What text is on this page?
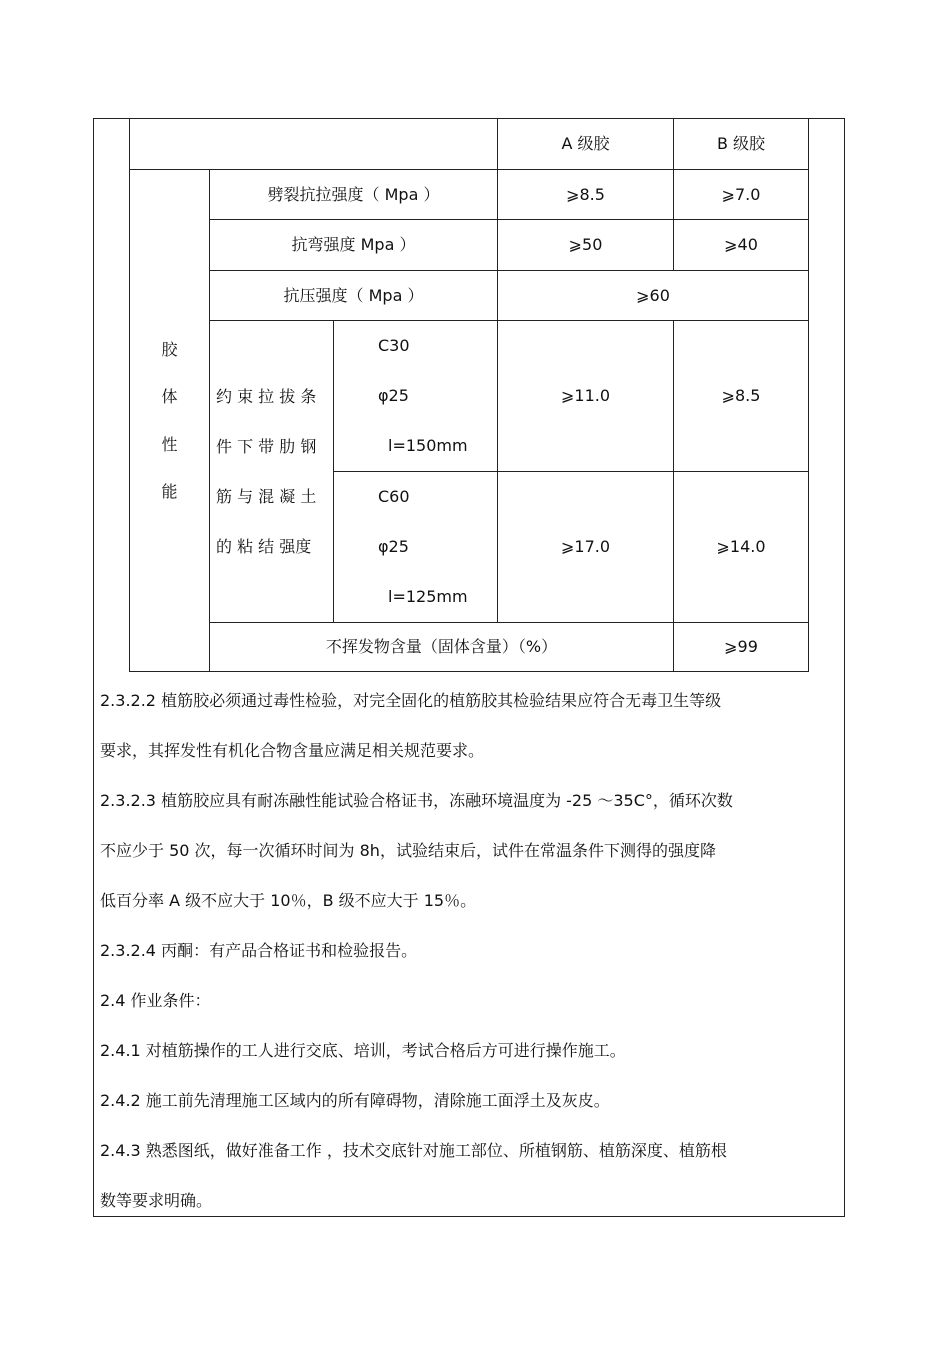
			A 级胶	B 级胶

胶
体
性
能	劈裂抗拉强度（ Mpa ）		⩾8.5	⩾7.0
	抗弯强度 Mpa ）		⩾50	⩾40
	抗压强度（ Mpa ）		⩾60	
	约 束 拉 拔 条 件 下 带 肋 钢 筋 与 混 凝 土 的 粘 结 强度	C30
φ25
l=150mm	⩾11.0	⩾8.5

		C60
φ25
l=125mm	⩾17.0	⩾14.0
	不挥发物含量（固体含量）（%）			⩾99

2.3.2.2 植筋胶必须通过毒性检验，对完全固化的植筋胶其检验结果应符合无毒卫生等级

要求，其挥发性有机化合物含量应满足相关规范要求。

2.3.2.3 植筋胶应具有耐冻融性能试验合格证书，冻融环境温度为 -25 ～35C°，循环次数

不应少于 50 次，每一次循环时间为 8h，试验结束后，试件在常温条件下测得的强度降

低百分率 A 级不应大于 10％，B 级不应大于 15％。

2.3.2.4 丙酮：有产品合格证书和检验报告。

2.4 作业条件：

2.4.1 对植筋操作的工人进行交底、培训，考试合格后方可进行操作施工。

2.4.2 施工前先清理施工区域内的所有障碍物，清除施工面浮土及灰皮。

2.4.3 熟悉图纸，做好准备工作 ，技术交底针对施工部位、所植钢筋、植筋深度、植筋根

数等要求明确。
